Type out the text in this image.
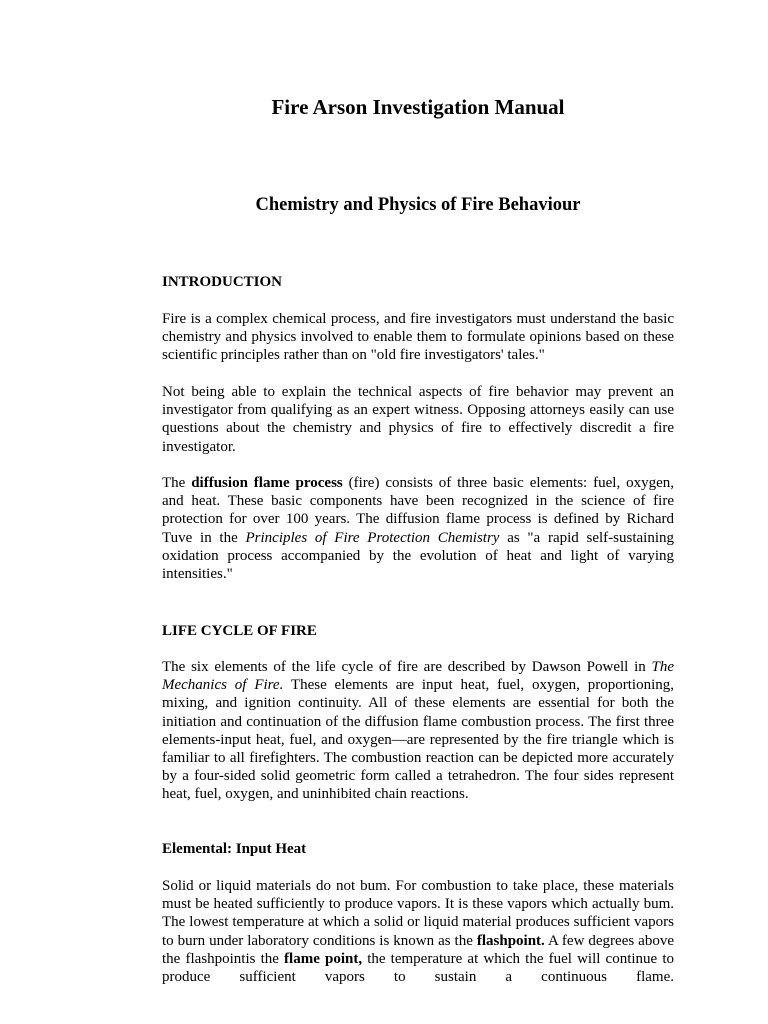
Fire Arson Investigation Manual
Chemistry and Physics of Fire Behaviour
INTRODUCTION

Fire is a complex chemical process, and fire investigators must understand the basic chemistry and physics involved to enable them to formulate opinions based on these scientific principles rather than on "old fire investigators' tales."

Not being able to explain the technical aspects of fire behavior may prevent an investigator from qualifying as an expert witness. Opposing attorneys easily can use questions about the chemistry and physics of fire to effectively discredit a fire investigator.

The diffusion flame process (fire) consists of three basic elements: fuel, oxygen, and heat. These basic components have been recognized in the science of fire protection for over 100 years. The diffusion flame process is defined by Richard Tuve in the Principles of Fire Protection Chemistry as "a rapid self-sustaining oxidation process accompanied by the evolution of heat and light of varying intensities."

LIFE CYCLE OF FIRE

The six elements of the life cycle of fire are described by Dawson Powell in The Mechanics of Fire. These elements are input heat, fuel, oxygen, proportioning, mixing, and ignition continuity. All of these elements are essential for both the initiation and continuation of the diffusion flame combustion process. The first three elements-input heat, fuel, and oxygen—are represented by the fire triangle which is familiar to all firefighters. The combustion reaction can be depicted more accurately by a four-sided solid geometric form called a tetrahedron. The four sides represent heat, fuel, oxygen, and uninhibited chain reactions.

Elemental: Input Heat

Solid or liquid materials do not bum. For combustion to take place, these materials must be heated sufficiently to produce vapors. It is these vapors which actually bum. The lowest temperature at which a solid or liquid material produces sufficient vapors to burn under laboratory conditions is known as the flashpoint. A few degrees above the flashpointis the flame point, the temperature at which the fuel will continue to produce sufficient vapors to sustain a continuous flame.
